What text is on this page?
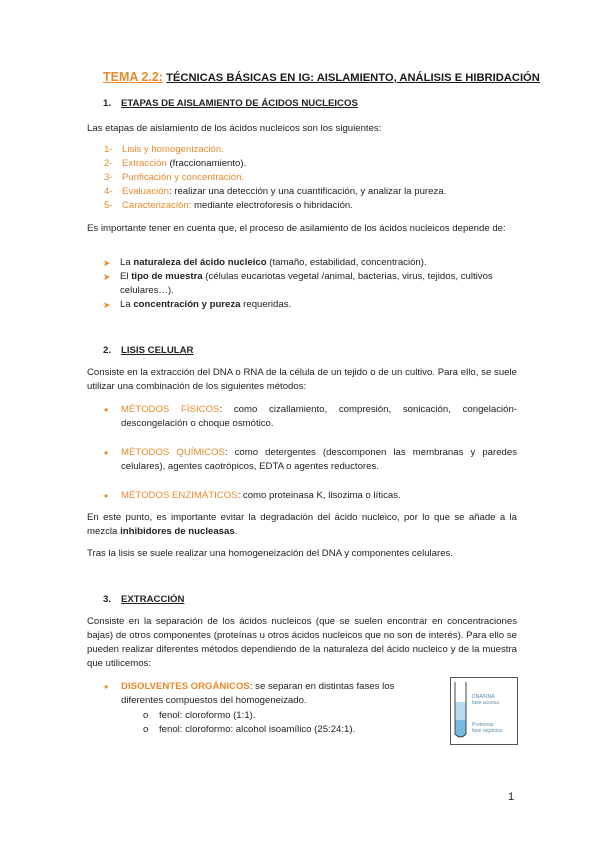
TEMA 2.2: TÉCNICAS BÁSICAS EN IG: AISLAMIENTO, ANÁLISIS E HIBRIDACIÓN
1. ETAPAS DE AISLAMIENTO DE ÁCIDOS NUCLEICOS
Las etapas de aislamiento de los ácidos nucleicos son los siguientes:
1- Lisis y homogenización.
2- Extracción (fraccionamiento).
3- Purificación y concentración.
4- Evaluación: realizar una detección y una cuantificación, y analizar la pureza.
5- Caracterización: mediante electroforesis o hibridación.
Es importante tener en cuenta que, el proceso de asilamiento de los ácidos nucleicos depende de:
➤ La naturaleza del ácido nucleico (tamaño, estabilidad, concentración).
➤ El tipo de muestra (células eucariotas vegetal /animal, bacterias, virus, tejidos, cultivos celulares…).
➤ La concentración y pureza requeridas.
2. LISIS CELULAR
Consiste en la extracción del DNA o RNA de la célula de un tejido o de un cultivo. Para ello, se suele utilizar una combinación de los siguientes métodos:
• MÉTODOS FÍSICOS: como cizallamiento, compresión, sonicación, congelación-descongelación o choque osmótico.
• MÉTODOS QUÍMICOS: como detergentes (descomponen las membranas y paredes celulares), agentes caotrópicos, EDTA o agentes reductores.
• MÉTODOS ENZIMÁTICOS: como proteinasa K, lisozima o líticas.
En este punto, es importante evitar la degradación del ácido nucleico, por lo que se añade a la mezcla inhibidores de nucleasas.
Tras la lisis se suele realizar una homogeneización del DNA y componentes celulares.
3. EXTRACCIÓN
Consiste en la separación de los ácidos nucleicos (que se suelen encontrar en concentraciones bajas) de otros componentes (proteínas u otros ácidos nucleicos que no son de interés). Para ello se pueden realizar diferentes métodos dependiendo de la naturaleza del ácido nucleico y de la muestra que utilicemos:
• DISOLVENTES ORGÁNICOS: se separan en distintas fases los diferentes compuestos del homogeneizado.
o fenol: cloroformo (1:1).
o fenol: cloroformo: alcohol isoamílico (25:24:1).
DNA/RNA
fase acuosa
Proteínas
fase orgánica
1
